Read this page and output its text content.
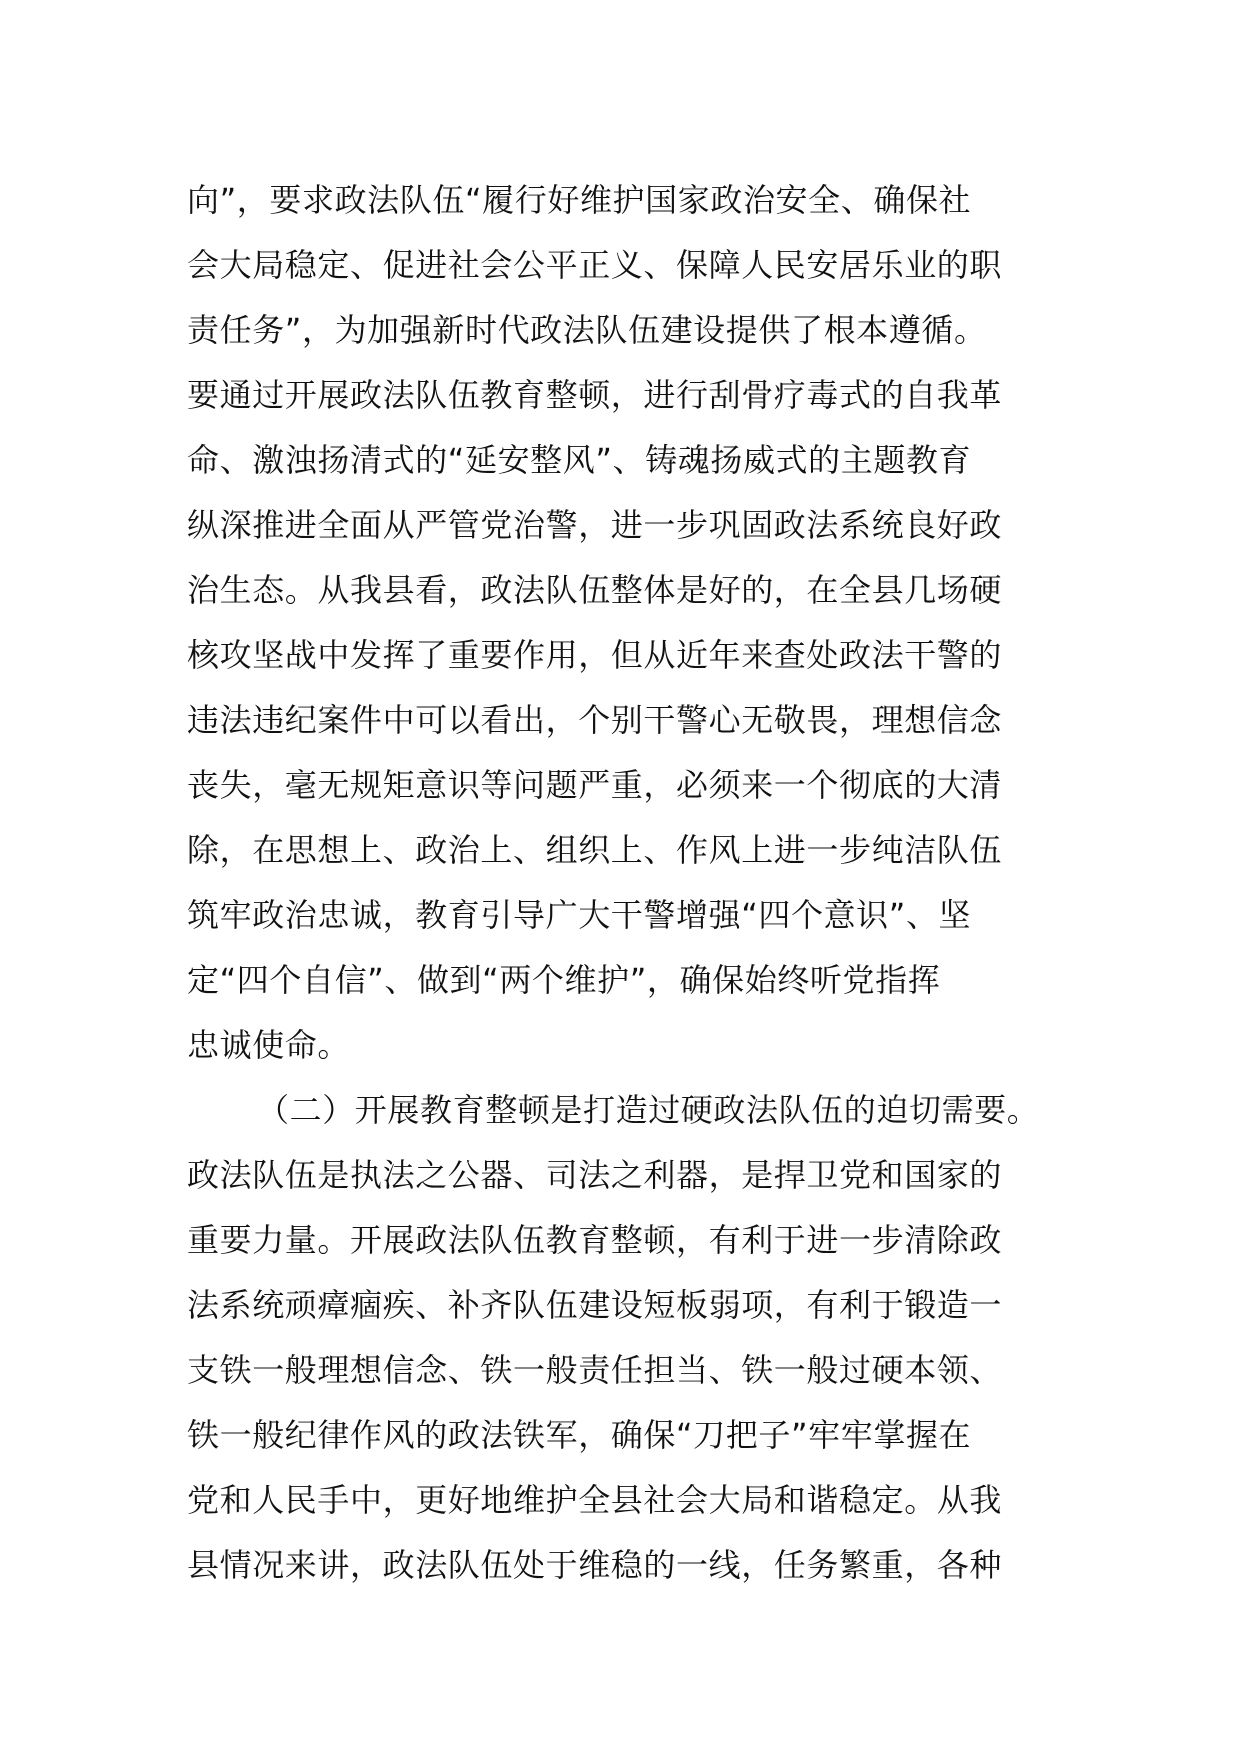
向”，要求政法队伍“履行好维护国家政治安全、确保社
会大局稳定、促进社会公平正义、保障人民安居乐业的职
责任务”，为加强新时代政法队伍建设提供了根本遵循。
要通过开展政法队伍教育整顿，进行刮骨疗毒式的自我革
命、激浊扬清式的“延安整风”、铸魂扬威式的主题教育
纵深推进全面从严管党治警，进一步巩固政法系统良好政
治生态。从我县看，政法队伍整体是好的，在全县几场硬
核攻坚战中发挥了重要作用，但从近年来查处政法干警的
违法违纪案件中可以看出，个别干警心无敬畏，理想信念
丧失，毫无规矩意识等问题严重，必须来一个彻底的大清
除，在思想上、政治上、组织上、作风上进一步纯洁队伍
筑牢政治忠诚，教育引导广大干警增强“四个意识”、坚
定“四个自信”、做到“两个维护”，确保始终听党指挥
忠诚使命。
（二）开展教育整顿是打造过硬政法队伍的迫切需要。
政法队伍是执法之公器、司法之利器，是捍卫党和国家的
重要力量。开展政法队伍教育整顿，有利于进一步清除政
法系统顽瘴痼疾、补齐队伍建设短板弱项，有利于锻造一
支铁一般理想信念、铁一般责任担当、铁一般过硬本领、
铁一般纪律作风的政法铁军，确保“刀把子”牢牢掌握在
党和人民手中，更好地维护全县社会大局和谐稳定。从我
县情况来讲，政法队伍处于维稳的一线，任务繁重，各种
